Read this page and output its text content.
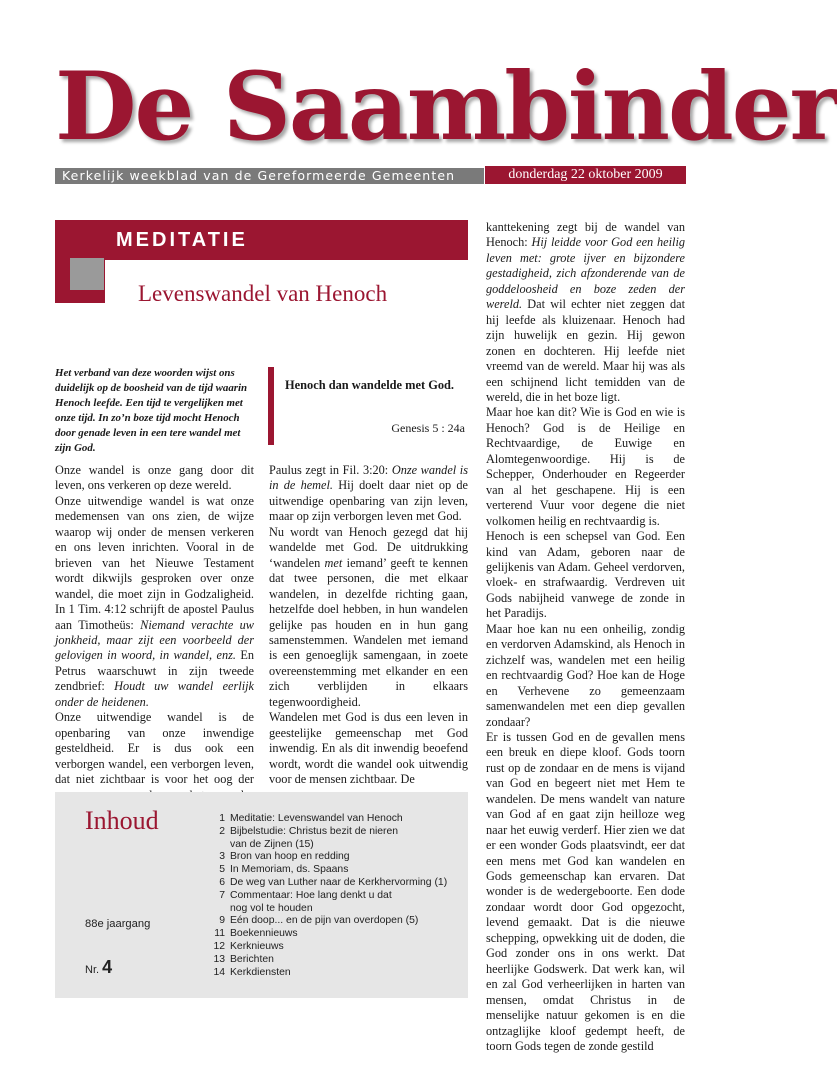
De Saambinder
Kerkelijk weekblad van de Gereformeerde Gemeenten	donderdag 22 oktober 2009
MEDITATIE
Levenswandel van Henoch
Het verband van deze woorden wijst ons duidelijk op de boosheid van de tijd waarin Henoch leefde. Een tijd te vergelijken met onze tijd. In zo’n boze tijd mocht Henoch door genade leven in een tere wandel met zijn God.
Henoch dan wandelde met God.
Genesis 5 : 24a

Onze wandel is onze gang door dit leven, ons verkeren op deze wereld.

Onze uitwendige wandel is wat onze medemensen van ons zien, de wijze waarop wij onder de mensen verkeren en ons leven inrichten. Vooral in de brieven van het Nieuwe Testament wordt dikwijls gesproken over onze wandel, die moet zijn in Godzaligheid. In 1 Tim. 4:12 schrijft de apostel Paulus aan Timotheüs: Niemand verachte uw jonkheid, maar zijt een voorbeeld der gelovigen in woord, in wandel, enz. En Petrus waarschuwt in zijn tweede zendbrief: Houdt uw wandel eerlijk onder de heidenen.

Onze uitwendige wandel is de openbaring van onze inwendige gesteldheid. Er is dus ook een verborgen wandel, een verborgen leven, dat niet zichtbaar is voor het oog der

Paulus zegt in Fil. 3:20: Onze wandel is in de hemel. Hij doelt daar niet op de uitwendige openbaring van zijn leven, maar op zijn verborgen leven met God.

Nu wordt van Henoch gezegd dat hij wandelde met God. De uitdrukking ‘wandelen met iemand’ geeft te kennen dat twee personen, die met elkaar wandelen, in dezelfde richting gaan, hetzelfde doel hebben, in hun wandelen gelijke pas houden en in hun gang samenstemmen. Wandelen met iemand is een genoeglijk samengaan, in zoete overeenstemming met elkander en een zich verblijden in elkaars tegenwoordigheid.

Wandelen met God is dus een leven in geestelijke gemeenschap met God inwendig. En als dit inwendig beoefend wordt, wordt die wandel ook uitwendig voor de mensen zichtbaar. De

kanttekening zegt bij de wandel van Henoch: Hij leidde voor God een heilig leven met: grote ijver en bijzondere gestadigheid, zich afzonderende van de goddeloosheid en boze zeden der wereld. Dat wil echter niet zeggen dat hij leefde als kluizenaar. Henoch had zijn huwelijk en gezin. Hij gewon zonen en dochteren. Hij leefde niet vreemd van de wereld. Maar hij was als een schijnend licht temidden van de wereld, die in het boze ligt.

Maar hoe kan dit? Wie is God en wie is Henoch? God is de Heilige en Rechtvaardige, de Euwige en Alomtegenwoordige. Hij is de Schepper, Onderhouder en Regeerder van al het geschapene. Hij is een verterend Vuur voor degene die niet volkomen heilig en rechtvaardig is.

Henoch is een schepsel van God. Een kind van Adam, geboren naar de gelijkenis van Adam. Geheel verdorven, vloek- en strafwaardig. Verdreven uit Gods nabijheid vanwege de zonde in het Paradijs.

Maar hoe kan nu een onheilig, zondig en verdorven Adamskind, als Henoch in zichzelf was, wandelen met een heilig en rechtvaardig God? Hoe kan de Hoge en Verhevene zo gemeenzaam samenwandelen met een diep gevallen zondaar?

Er is tussen God en de gevallen mens een breuk en diepe kloof. Gods toorn rust op de zondaar en de mens is vijand van God en begeert niet met Hem te wandelen. De mens wandelt van nature van God af en gaat zijn heilloze weg naar het euwig verderf. Hier zien we dat er een wonder Gods plaatsvindt, eer dat een mens met God kan wandelen en Gods gemeenschap kan ervaren. Dat wonder is de wedergeboorte. Een dode zondaar wordt door God opgezocht, levend gemaakt. Dat is die nieuwe schepping, opwekking uit de doden, die God zonder ons in ons werkt. Dat heerlijke Godswerk. Dat werk kan, wil en zal God verheerlijken in harten van mensen, omdat Christus in de menselijke natuur gekomen is en die ontzaglijke kloof gedempt heeft, de toorn Gods tegen de zonde gestild

Inhoud
88e jaargang
Nr. 4
1 Meditatie: Levenswandel van Henoch
2 Bijbelstudie: Christus bezit de nieren
van de Zijnen (15)
3 Bron van hoop en redding
5 In Memoriam, ds. Spaans
6 De weg van Luther naar de Kerkhervorming (1)
7 Commentaar: Hoe lang denkt u dat
nog vol te houden
9 Eén doop... en de pijn van overdopen (5)
11 Boekennieuws
12 Kerknieuws
13 Berichten
14 Kerkdiensten
